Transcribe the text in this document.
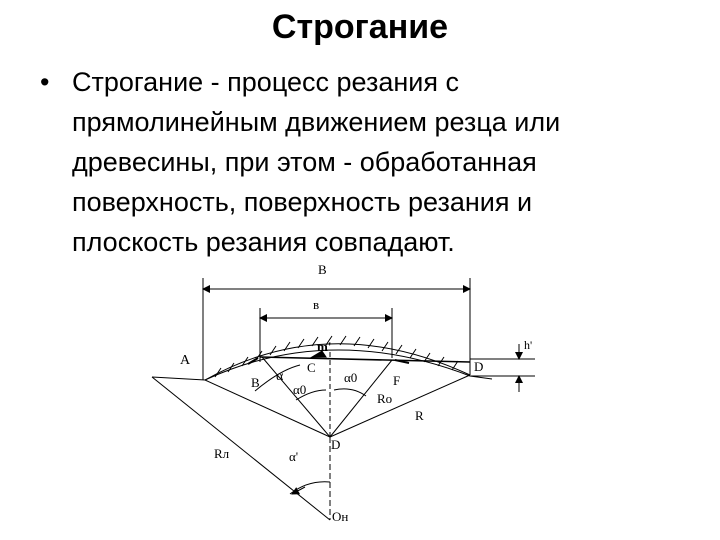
Строгание
• Строгание - процесс резания с
прямолинейным движением резца или
древесины, при этом - обработанная
поверхность, поверхность резания и
плоскость резания совпадают.
B
в
m'	h'
A	D
α
C
α0
B	α0
F
Ro
R
D
Rл	α'
Он
